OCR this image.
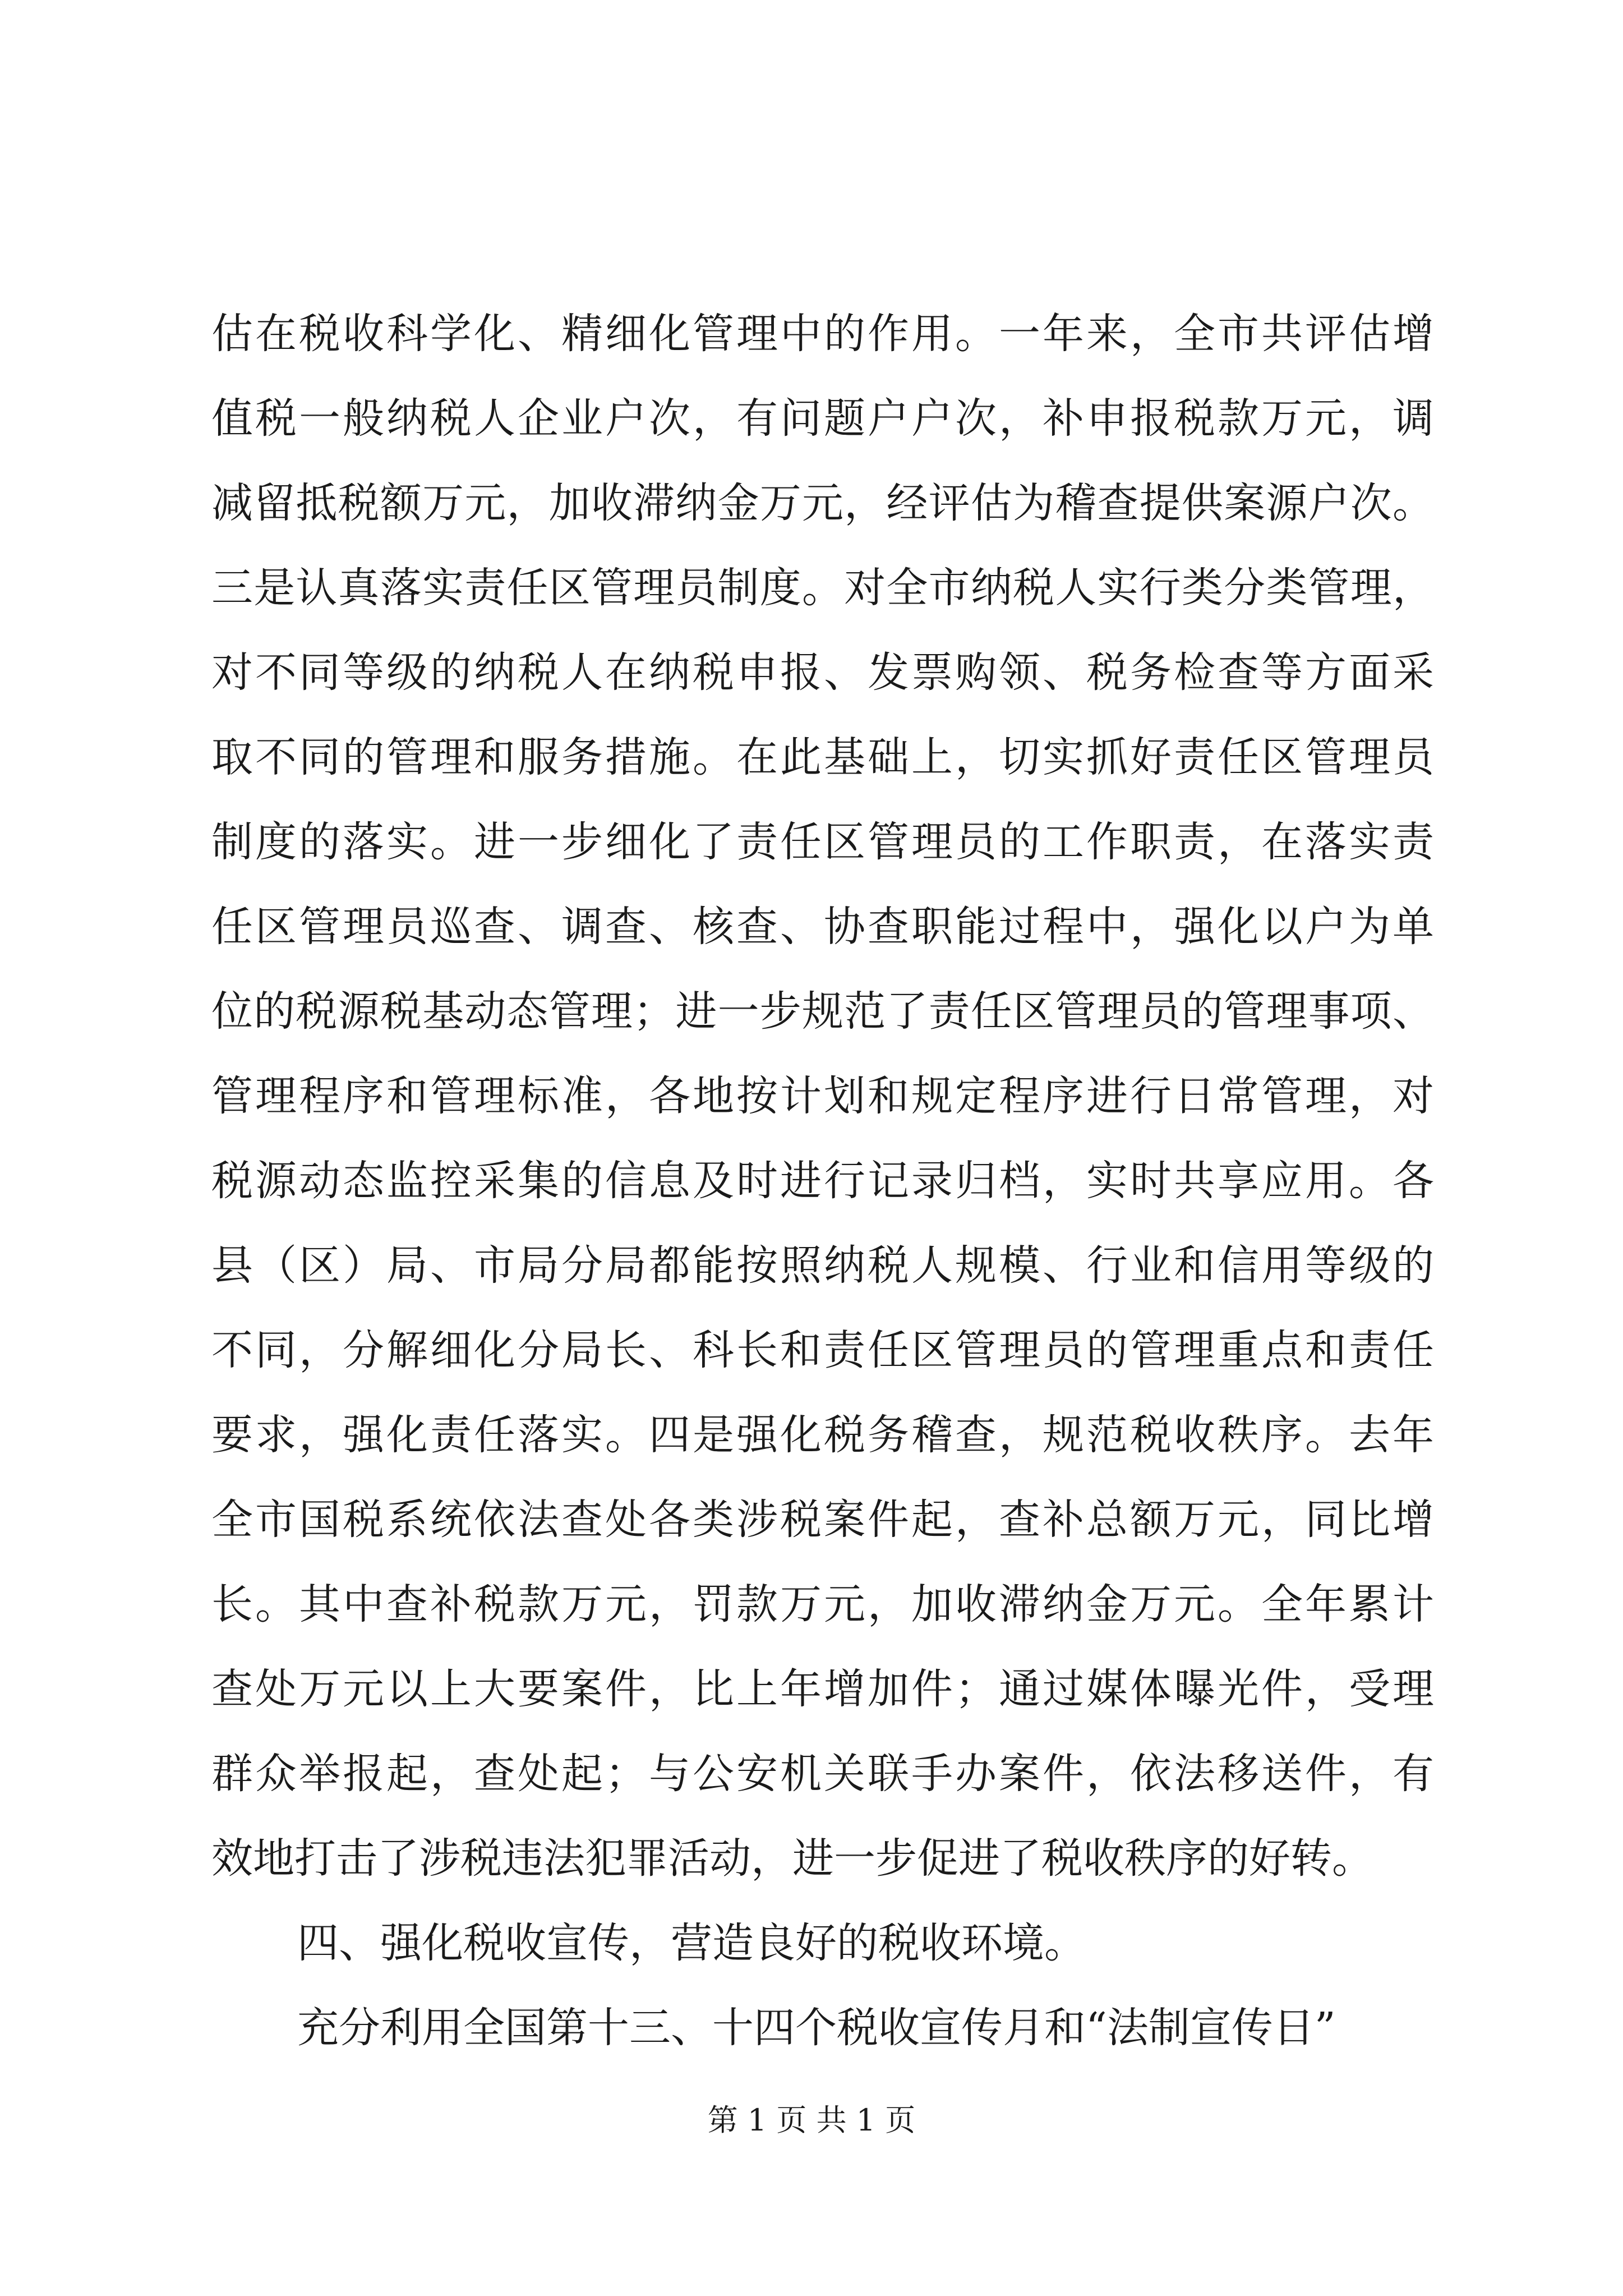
估在税收科学化、精细化管理中的作用。一年来，全市共评估增
值税一般纳税人企业户次，有问题户户次，补申报税款万元，调
减留抵税额万元，加收滞纳金万元，经评估为稽查提供案源户次。
三是认真落实责任区管理员制度。对全市纳税人实行类分类管理，
对不同等级的纳税人在纳税申报、发票购领、税务检查等方面采
取不同的管理和服务措施。在此基础上，切实抓好责任区管理员
制度的落实。进一步细化了责任区管理员的工作职责，在落实责
任区管理员巡查、调查、核查、协查职能过程中，强化以户为单
位的税源税基动态管理；进一步规范了责任区管理员的管理事项、
管理程序和管理标准，各地按计划和规定程序进行日常管理，对
税源动态监控采集的信息及时进行记录归档，实时共享应用。各
县（区）局、市局分局都能按照纳税人规模、行业和信用等级的
不同，分解细化分局长、科长和责任区管理员的管理重点和责任
要求，强化责任落实。四是强化税务稽查，规范税收秩序。去年
全市国税系统依法查处各类涉税案件起，查补总额万元，同比增
长。其中查补税款万元，罚款万元，加收滞纳金万元。全年累计
查处万元以上大要案件，比上年增加件；通过媒体曝光件，受理
群众举报起，查处起；与公安机关联手办案件，依法移送件，有
效地打击了涉税违法犯罪活动，进一步促进了税收秩序的好转。
四、强化税收宣传，营造良好的税收环境。
充分利用全国第十三、十四个税收宣传月和“法制宣传日”
第 1 页 共 1 页
